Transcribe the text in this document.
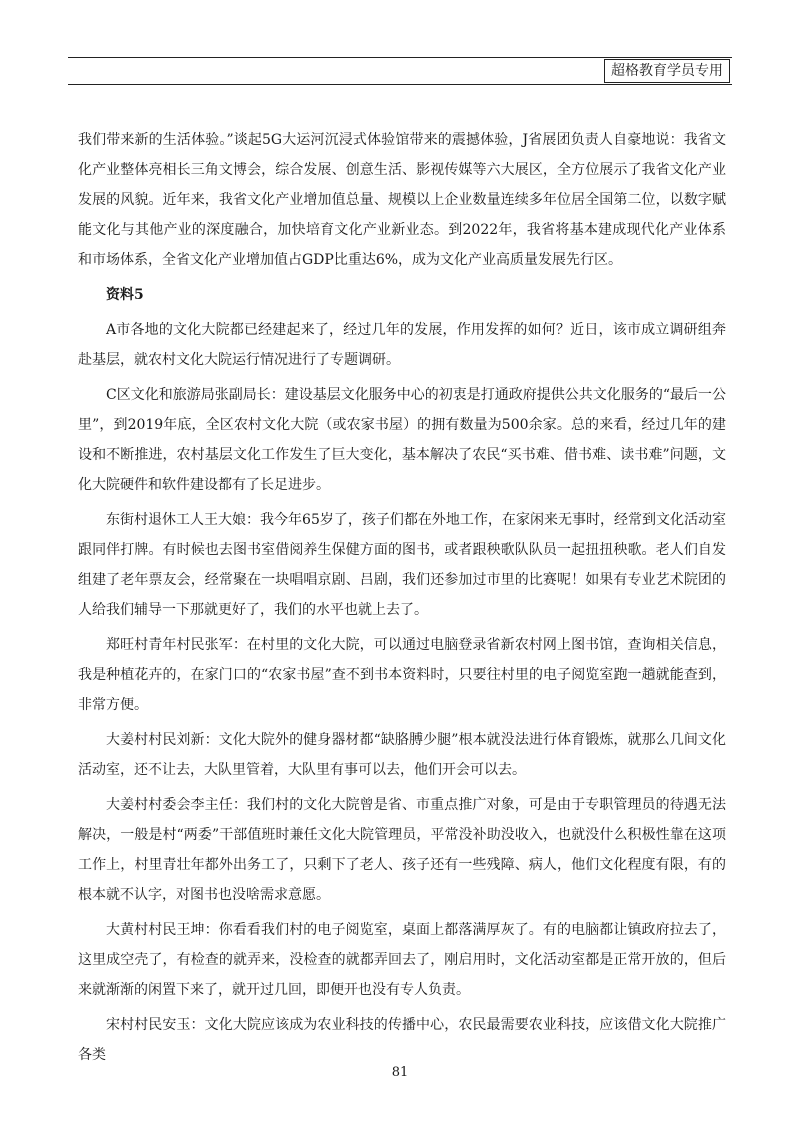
超格教育学员专用

我们带来新的生活体验。”谈起5G大运河沉浸式体验馆带来的震撼体验，J省展团负责人自豪地说：我省文化产业整体亮相长三角文博会，综合发展、创意生活、影视传媒等六大展区，全方位展示了我省文化产业发展的风貌。近年来，我省文化产业增加值总量、规模以上企业数量连续多年位居全国第二位，以数字赋能文化与其他产业的深度融合，加快培育文化产业新业态。到2022年，我省将基本建成现代化产业体系和市场体系，全省文化产业增加值占GDP比重达6%，成为文化产业高质量发展先行区。

资料5

A市各地的文化大院都已经建起来了，经过几年的发展，作用发挥的如何？近日，该市成立调研组奔赴基层，就农村文化大院运行情况进行了专题调研。

C区文化和旅游局张副局长：建设基层文化服务中心的初衷是打通政府提供公共文化服务的“最后一公里”，到2019年底，全区农村文化大院（或农家书屋）的拥有数量为500余家。总的来看，经过几年的建设和不断推进，农村基层文化工作发生了巨大变化，基本解决了农民“买书难、借书难、读书难”问题，文化大院硬件和软件建设都有了长足进步。

东街村退休工人王大娘：我今年65岁了，孩子们都在外地工作，在家闲来无事时，经常到文化活动室跟同伴打牌。有时候也去图书室借阅养生保健方面的图书，或者跟秧歌队队员一起扭扭秧歌。老人们自发组建了老年票友会，经常聚在一块唱唱京剧、吕剧，我们还参加过市里的比赛呢！如果有专业艺术院团的人给我们辅导一下那就更好了，我们的水平也就上去了。

郑旺村青年村民张军：在村里的文化大院，可以通过电脑登录省新农村网上图书馆，查询相关信息，我是种植花卉的，在家门口的“农家书屋”查不到书本资料时，只要往村里的电子阅览室跑一趟就能查到，非常方便。

大姜村村民刘新：文化大院外的健身器材都“缺胳膊少腿”根本就没法进行体育锻炼，就那么几间文化活动室，还不让去，大队里管着，大队里有事可以去，他们开会可以去。

大姜村村委会李主任：我们村的文化大院曾是省、市重点推广对象，可是由于专职管理员的待遇无法解决，一般是村“两委”干部值班时兼任文化大院管理员，平常没补助没收入，也就没什么积极性靠在这项工作上，村里青壮年都外出务工了，只剩下了老人、孩子还有一些残障、病人，他们文化程度有限，有的根本就不认字，对图书也没啥需求意愿。

大黄村村民王坤：你看看我们村的电子阅览室，桌面上都落满厚灰了。有的电脑都让镇政府拉去了，这里成空壳了，有检查的就弄来，没检查的就都弄回去了，刚启用时，文化活动室都是正常开放的，但后来就渐渐的闲置下来了，就开过几回，即便开也没有专人负责。

宋村村民安玉：文化大院应该成为农业科技的传播中心，农民最需要农业科技，应该借文化大院推广各类

81
